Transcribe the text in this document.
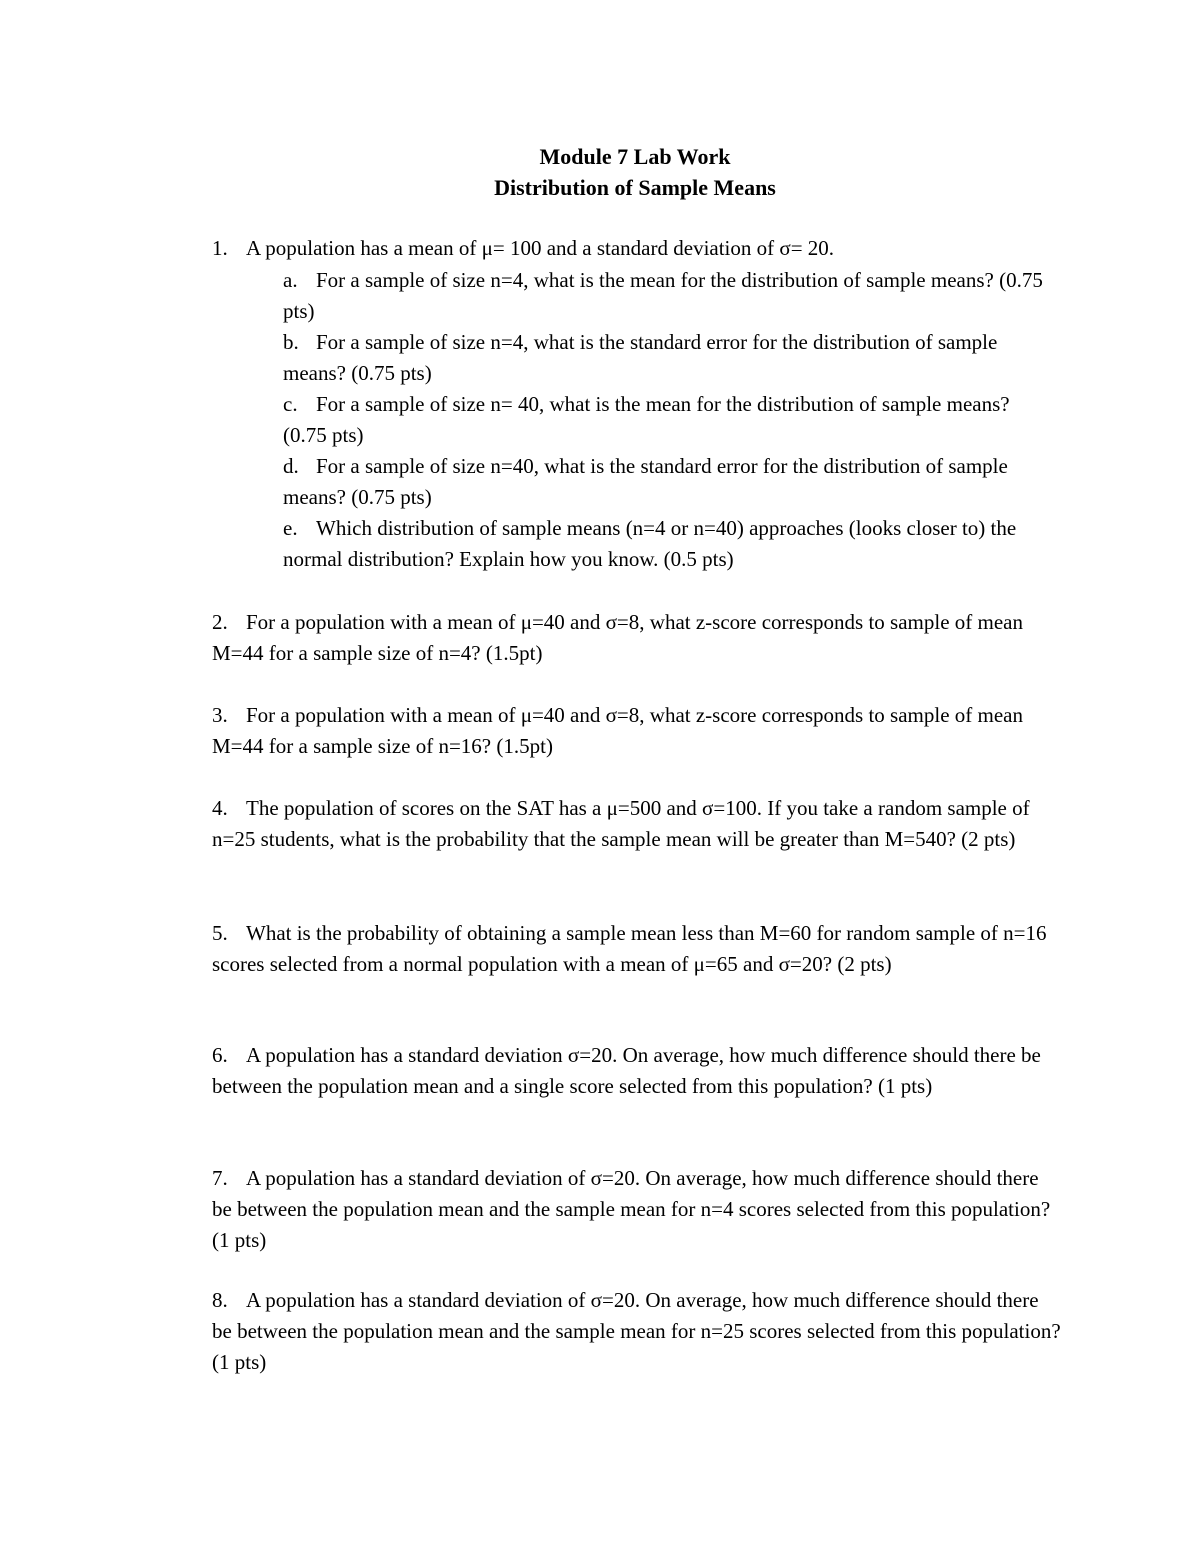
Module 7 Lab Work

Distribution of Sample Means

1. A population has a mean of μ= 100 and a standard deviation of σ= 20.

a. For a sample of size n=4, what is the mean for the distribution of sample means? (0.75 pts)

b. For a sample of size n=4, what is the standard error for the distribution of sample means? (0.75 pts)

c. For a sample of size n= 40, what is the mean for the distribution of sample means? (0.75 pts)

d. For a sample of size n=40, what is the standard error for the distribution of sample means? (0.75 pts)

e. Which distribution of sample means (n=4 or n=40) approaches (looks closer to) the normal distribution? Explain how you know. (0.5 pts)

2. For a population with a mean of μ=40 and σ=8, what z-score corresponds to sample of mean M=44 for a sample size of n=4? (1.5pt)

3. For a population with a mean of μ=40 and σ=8, what z-score corresponds to sample of mean M=44 for a sample size of n=16? (1.5pt)

4. The population of scores on the SAT has a μ=500 and σ=100. If you take a random sample of n=25 students, what is the probability that the sample mean will be greater than M=540? (2 pts)

5. What is the probability of obtaining a sample mean less than M=60 for random sample of n=16 scores selected from a normal population with a mean of μ=65 and σ=20? (2 pts)

6. A population has a standard deviation σ=20. On average, how much difference should there be between the population mean and a single score selected from this population? (1 pts)

7. A population has a standard deviation of σ=20. On average, how much difference should there be between the population mean and the sample mean for n=4 scores selected from this population? (1 pts)

8. A population has a standard deviation of σ=20. On average, how much difference should there be between the population mean and the sample mean for n=25 scores selected from this population? (1 pts)
